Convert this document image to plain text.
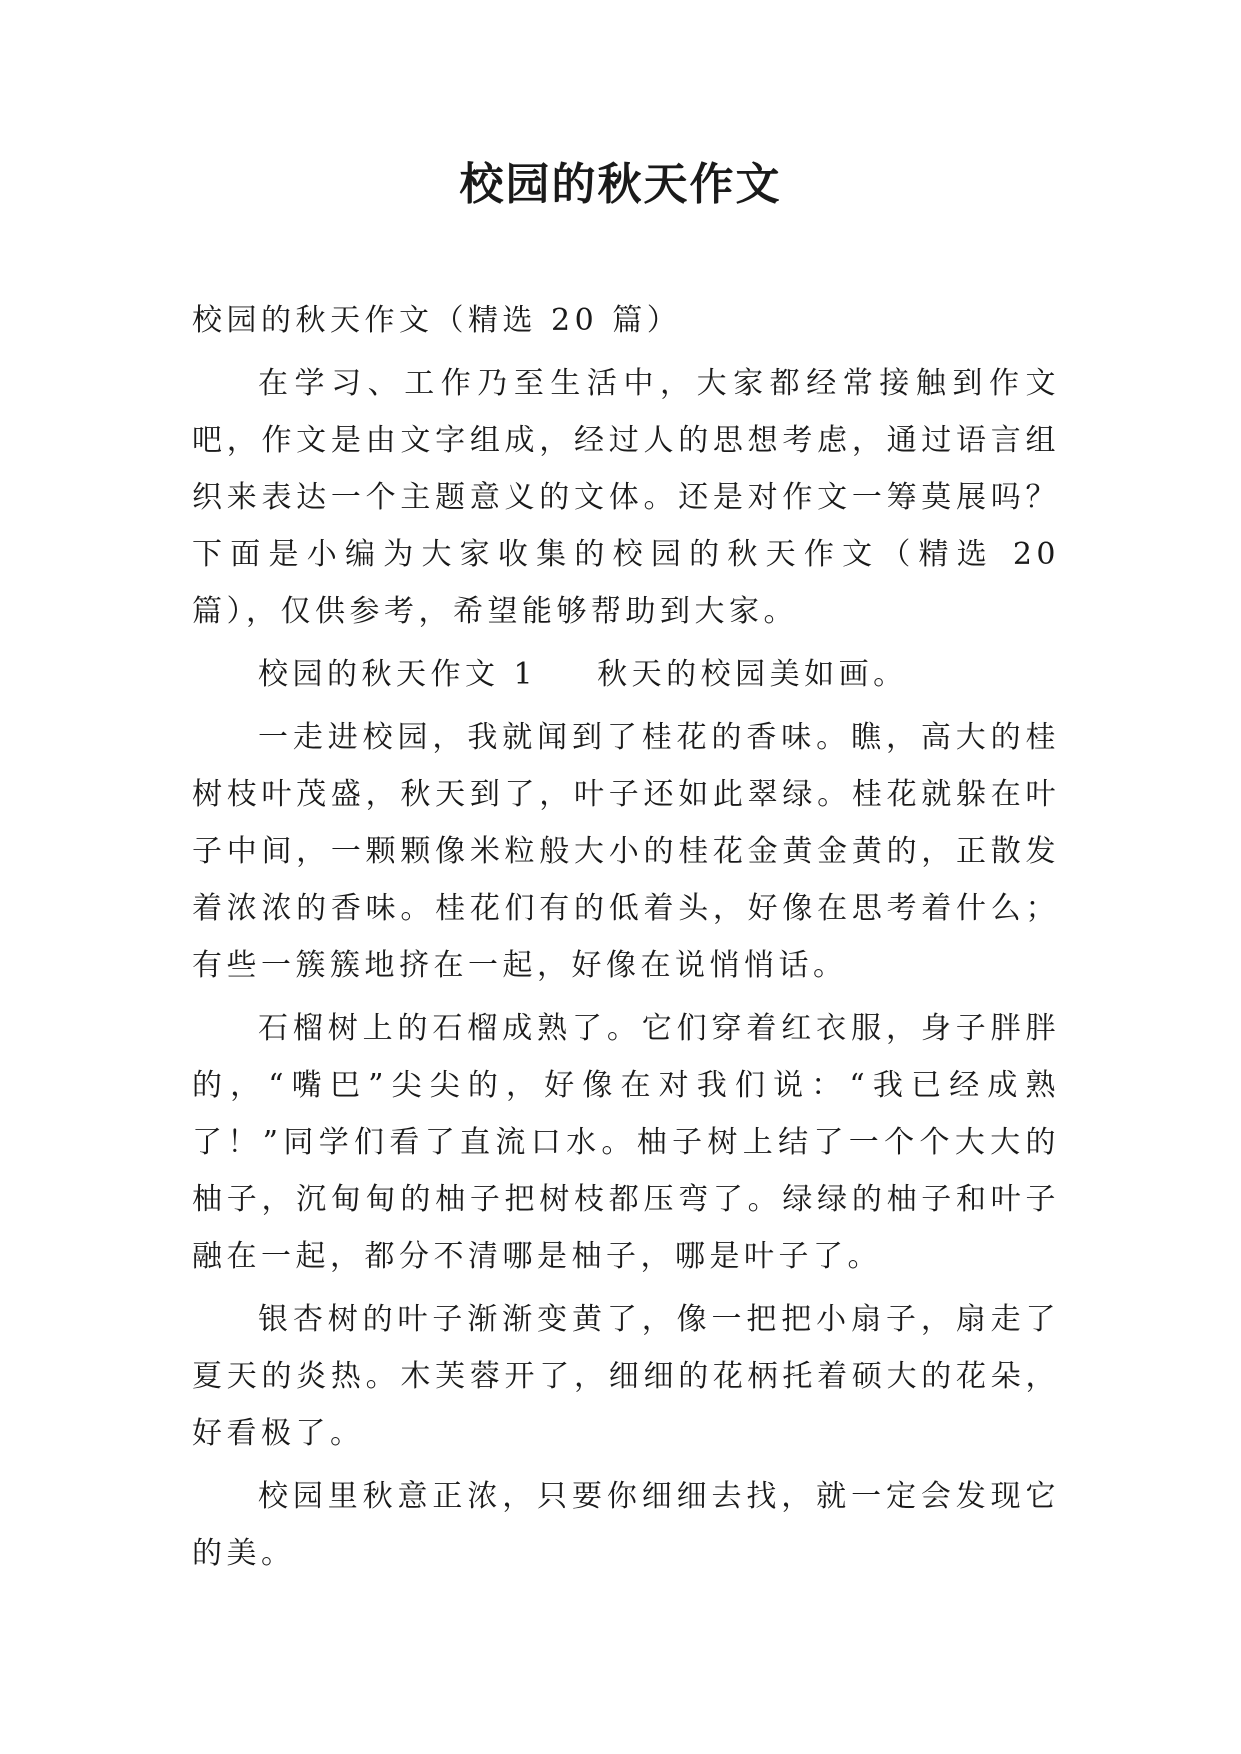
校园的秋天作文

校园的秋天作文（精选 20 篇）

在学习、工作乃至生活中，大家都经常接触到作文吧，作文是由文字组成，经过人的思想考虑，通过语言组织来表达一个主题意义的文体。还是对作文一筹莫展吗？下面是小编为大家收集的校园的秋天作文（精选 20 篇），仅供参考，希望能够帮助到大家。

校园的秋天作文 1 秋天的校园美如画。

一走进校园，我就闻到了桂花的香味。瞧，高大的桂树枝叶茂盛，秋天到了，叶子还如此翠绿。桂花就躲在叶子中间，一颗颗像米粒般大小的桂花金黄金黄的，正散发着浓浓的香味。桂花们有的低着头，好像在思考着什么；有些一簇簇地挤在一起，好像在说悄悄话。

石榴树上的石榴成熟了。它们穿着红衣服，身子胖胖的，“嘴巴”尖尖的，好像在对我们说：“我已经成熟了！”同学们看了直流口水。柚子树上结了一个个大大的柚子，沉甸甸的柚子把树枝都压弯了。绿绿的柚子和叶子融在一起，都分不清哪是柚子，哪是叶子了。

银杏树的叶子渐渐变黄了，像一把把小扇子，扇走了夏天的炎热。木芙蓉开了，细细的花柄托着硕大的花朵，好看极了。

校园里秋意正浓，只要你细细去找，就一定会发现它的美。
